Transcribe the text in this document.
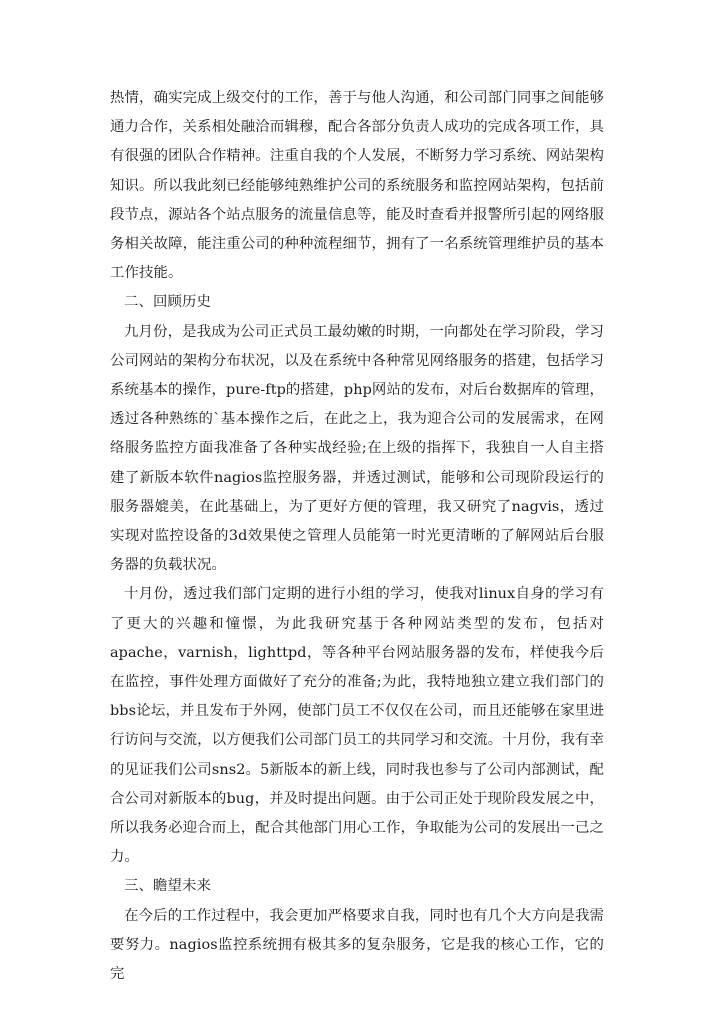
热情，确实完成上级交付的工作，善于与他人沟通，和公司部门同事之间能够通力合作，关系相处融洽而辑穆，配合各部分负责人成功的完成各项工作，具有很强的团队合作精神。注重自我的个人发展，不断努力学习系统、网站架构知识。所以我此刻已经能够纯熟维护公司的系统服务和监控网站架构，包括前段节点，源站各个站点服务的流量信息等，能及时查看并报警所引起的网络服务相关故障，能注重公司的种种流程细节，拥有了一名系统管理维护员的基本工作技能。

二、回顾历史

九月份，是我成为公司正式员工最幼嫩的时期，一向都处在学习阶段，学习公司网站的架构分布状况，以及在系统中各种常见网络服务的搭建，包括学习系统基本的操作，pure-ftp的搭建，php网站的发布，对后台数据库的管理，透过各种熟练的`基本操作之后，在此之上，我为迎合公司的发展需求，在网络服务监控方面我准备了各种实战经验;在上级的指挥下，我独自一人自主搭建了新版本软件nagios监控服务器，并透过测试，能够和公司现阶段运行的服务器媲美，在此基础上，为了更好方便的管理，我又研究了nagvis，透过实现对监控设备的3d效果使之管理人员能第一时光更清晰的了解网站后台服务器的负载状况。

十月份，透过我们部门定期的进行小组的学习，使我对linux自身的学习有了更大的兴趣和憧憬，为此我研究基于各种网站类型的发布，包括对apache，varnish，lighttpd，等各种平台网站服务器的发布，样使我今后在监控，事件处理方面做好了充分的准备;为此，我特地独立建立我们部门的bbs论坛，并且发布于外网，使部门员工不仅仅在公司，而且还能够在家里进行访问与交流，以方便我们公司部门员工的共同学习和交流。十月份，我有幸的见证我们公司sns2。5新版本的新上线，同时我也参与了公司内部测试，配合公司对新版本的bug，并及时提出问题。由于公司正处于现阶段发展之中，所以我务必迎合而上，配合其他部门用心工作，争取能为公司的发展出一己之力。

三、瞻望未来

在今后的工作过程中，我会更加严格要求自我，同时也有几个大方向是我需要努力。nagios监控系统拥有极其多的复杂服务，它是我的核心工作，它的完
